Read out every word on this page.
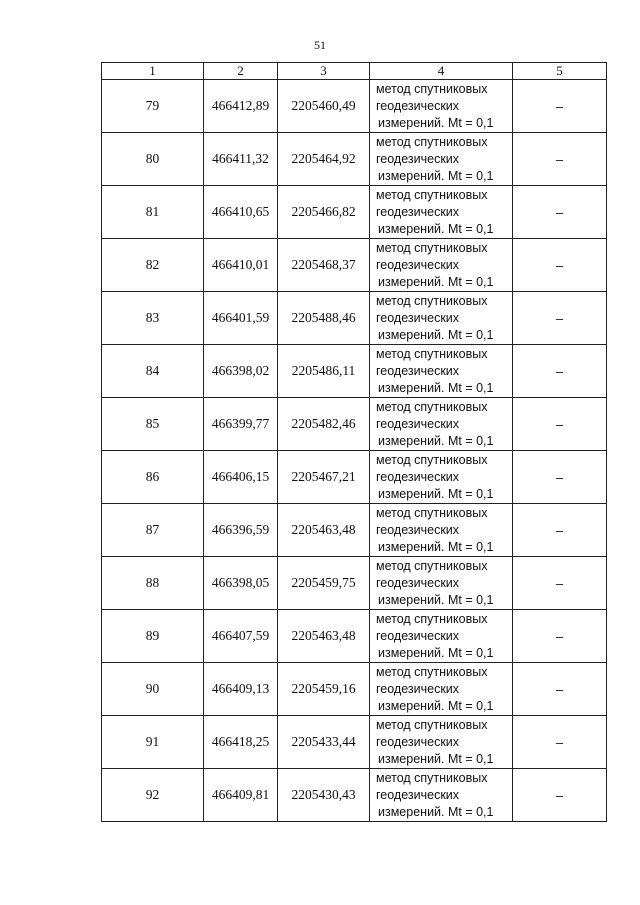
51
1	2	3	4	5
79	466412,89	2205460,49	метод спутниковых
геодезических
измерений. Mt = 0,1	–
80	466411,32	2205464,92	метод спутниковых
геодезических
измерений. Mt = 0,1	–
81	466410,65	2205466,82	метод спутниковых
геодезических
измерений. Mt = 0,1	–
82	466410,01	2205468,37	метод спутниковых
геодезических
измерений. Mt = 0,1	–
83	466401,59	2205488,46	метод спутниковых
геодезических
измерений. Mt = 0,1	–
84	466398,02	2205486,11	метод спутниковых
геодезических
измерений. Mt = 0,1	–
85	466399,77	2205482,46	метод спутниковых
геодезических
измерений. Mt = 0,1	–
86	466406,15	2205467,21	метод спутниковых
геодезических
измерений. Mt = 0,1	–
87	466396,59	2205463,48	метод спутниковых
геодезических
измерений. Mt = 0,1	–
88	466398,05	2205459,75	метод спутниковых
геодезических
измерений. Mt = 0,1	–
89	466407,59	2205463,48	метод спутниковых
геодезических
измерений. Mt = 0,1	–
90	466409,13	2205459,16	метод спутниковых
геодезических
измерений. Mt = 0,1	–
91	466418,25	2205433,44	метод спутниковых
геодезических
измерений. Mt = 0,1	–
92	466409,81	2205430,43	метод спутниковых
геодезических
измерений. Mt = 0,1	–
